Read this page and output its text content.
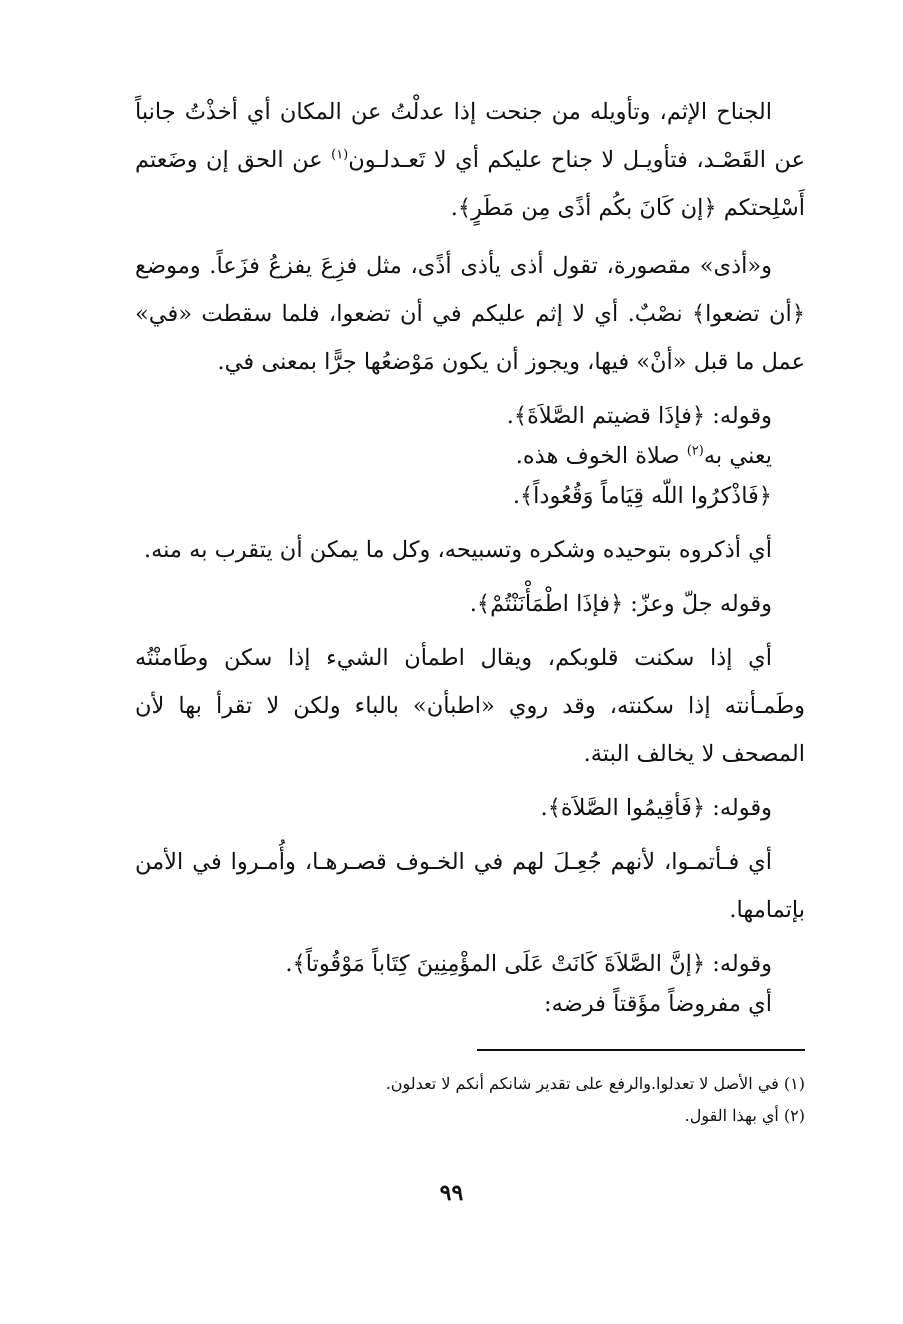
الجناح الإثم، وتأويله من جنحت إذا عدلْتُ عن المكان أي أخذْتُ جانباً عن القَصْـد، فتأويـل لا جناح عليكم أي لا تَعـدلـون$^{(١)}$ عن الحق إن وضَعتم أَسْلِحتكم ﴿إن كَانَ بكُم أذًى مِن مَطَرٍ﴾.

و«أذى» مقصورة، تقول أذى يأذى أذًى، مثل فزِعَ يفزعُ فزَعاً. وموضع ﴿أن تضعوا﴾ نصْبٌ. أي لا إثم عليكم في أن تضعوا، فلما سقطت «في» عمل ما قبل «أنْ» فيها، ويجوز أن يكون مَوْضعُها جرًّا بمعنى في.

وقوله: ﴿فإذَا قضيتم الصَّلاَةَ﴾.

يعني به$^{(٢)}$ صلاة الخوف هذه.

﴿فَاذْكرُوا اللّه قِيَاماً وَقُعُوداً﴾.

أي أذكروه بتوحيده وشكره وتسبيحه، وكل ما يمكن أن يتقرب به منه.

وقوله جلّ وعزّ: ﴿فإذَا اطْمَأْنَنْتُمْ﴾.

أي إذا سكنت قلوبكم، ويقال اطمأن الشيء إذا سكن وطَامنْتُه وطَمـأنته إذا سكنته، وقد روي «اطبأن» بالباء ولكن لا تقرأ بها لأن المصحف لا يخالف البتة.

وقوله: ﴿فَأقِيمُوا الصَّلاَة﴾.

أي فـأتمـوا، لأنهم جُعِـلَ لهم في الخـوف قصـرهـا، وأُمـروا في الأمن بإتمامها.

وقوله: ﴿إنَّ الصَّلاَةَ كَانَتْ عَلَى المؤْمِنِينَ كِتَاباً مَوْقُوتاً﴾.

أي مفروضاً مؤَقتاً فرضه:

(١) في الأصل لا تعدلوا.والرفع على تقدير شانكم أنكم لا تعدلون.
(٢) أي بهذا القول.
٩٩
